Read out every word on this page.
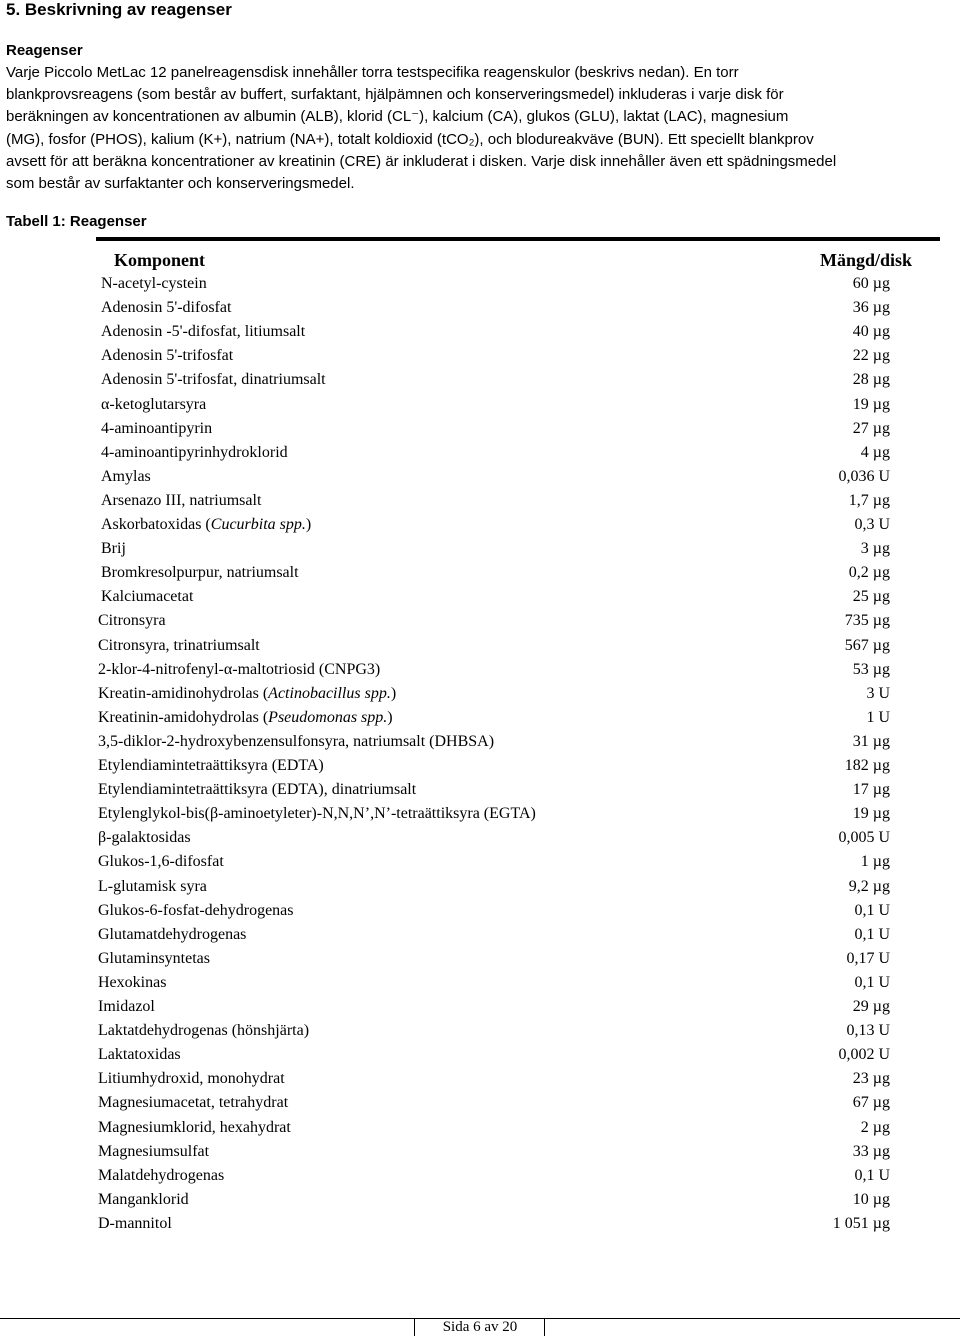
5. Beskrivning av reagenser
Reagenser
Varje Piccolo MetLac 12 panelreagensdisk innehåller torra testspecifika reagenskulor (beskrivs nedan). En torr
blankprovsreagens (som består av buffert, surfaktant, hjälpämnen och konserveringsmedel) inkluderas i varje disk för
beräkningen av koncentrationen av albumin (ALB), klorid (CL⁻), kalcium (CA), glukos (GLU), laktat (LAC), magnesium
(MG), fosfor (PHOS), kalium (K+), natrium (NA+), totalt koldioxid (tCO₂), och blodureakväve (BUN). Ett speciellt blankprov
avsett för att beräkna koncentrationer av kreatinin (CRE) är inkluderat i disken. Varje disk innehåller även ett spädningsmedel
som består av surfaktanter och konserveringsmedel.
Tabell 1: Reagenser
Komponent	Mängd/disk
N-acetyl-cystein	60 µg
Adenosin 5'-difosfat	36 µg
Adenosin -5'-difosfat, litiumsalt	40 µg
Adenosin 5'-trifosfat	22 µg
Adenosin 5'-trifosfat, dinatriumsalt	28 µg
α-ketoglutarsyra	19 µg
4-aminoantipyrin	27 µg
4-aminoantipyrinhydroklorid	4 µg
Amylas	0,036 U
Arsenazo III, natriumsalt	1,7 µg
Askorbatoxidas (Cucurbita spp.)	0,3 U
Brij	3 µg
Bromkresolpurpur, natriumsalt	0,2 µg
Kalciumacetat	25 µg
Citronsyra	735 µg
Citronsyra, trinatriumsalt	567 µg
2-klor-4-nitrofenyl-α-maltotriosid (CNPG3)	53 µg
Kreatin-amidinohydrolas (Actinobacillus spp.)	3 U
Kreatinin-amidohydrolas (Pseudomonas spp.)	1 U
3,5-diklor-2-hydroxybenzensulfonsyra, natriumsalt (DHBSA)	31 µg
Etylendiamintetraättiksyra (EDTA)	182 µg
Etylendiamintetraättiksyra (EDTA), dinatriumsalt	17 µg
Etylenglykol-bis(β-aminoetyleter)-N,N,N’,N’-tetraättiksyra (EGTA)	19 µg
β-galaktosidas	0,005 U
Glukos-1,6-difosfat	1 µg
L-glutamisk syra	9,2 µg
Glukos-6-fosfat-dehydrogenas	0,1 U
Glutamatdehydrogenas	0,1 U
Glutaminsyntetas	0,17 U
Hexokinas	0,1 U
Imidazol	29 µg
Laktatdehydrogenas (hönshjärta)	0,13 U
Laktatoxidas	0,002 U
Litiumhydroxid, monohydrat	23 µg
Magnesiumacetat, tetrahydrat	67 µg
Magnesiumklorid, hexahydrat	2 µg
Magnesiumsulfat	33 µg
Malatdehydrogenas	0,1 U
Manganklorid	10 µg
D-mannitol	1 051 µg
Sida 6 av 20
